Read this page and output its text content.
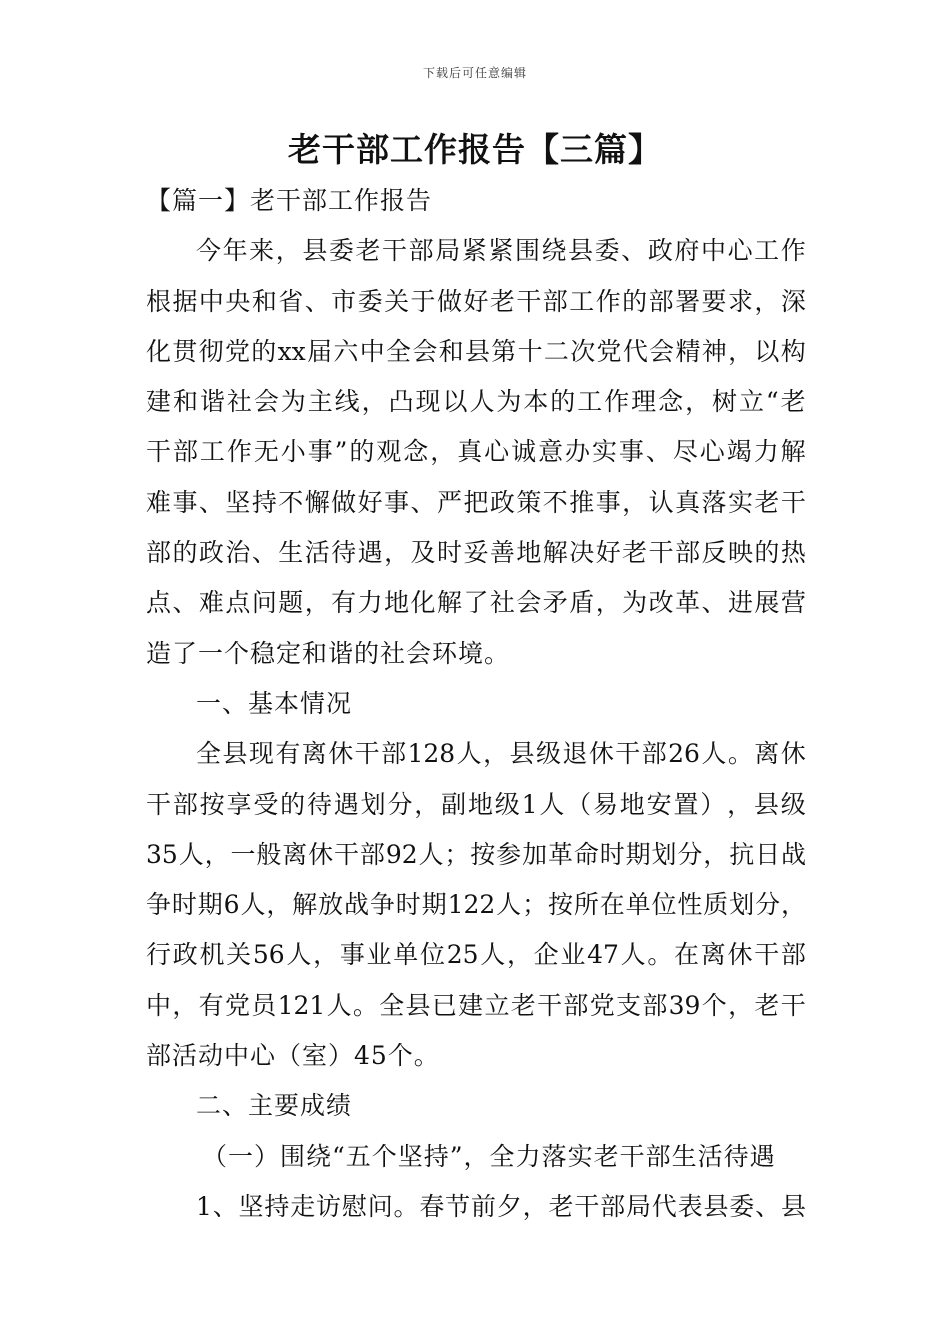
下载后可任意编辑
老干部工作报告【三篇】
【篇一】老干部工作报告
今 年 来 ， 县 委 老 干 部 局 紧 紧 围 绕 县 委 、 政 府 中 心 工 作
根 据 中 央 和 省 、 市 委 关 于 做 好 老 干 部 工 作 的 部 署 要 求 ， 深
化 贯 彻 党 的 xx 届 六 中 全 会 和 县 第 十 二 次 党 代 会 精 神 ， 以 构
建 和 谐 社 会 为 主 线 ， 凸 现 以 人 为 本 的 工 作 理 念 ， 树 立 “ 老
干 部 工 作 无 小 事 ” 的 观 念 ， 真 心 诚 意 办 实 事 、 尽 心 竭 力 解
难 事 、 坚 持 不 懈 做 好 事 、 严 把 政 策 不 推 事 ， 认 真 落 实 老 干
部 的 政 治 、 生 活 待 遇 ， 及 时 妥 善 地 解 决 好 老 干 部 反 映 的 热
点 、 难 点 问 题 ， 有 力 地 化 解 了 社 会 矛 盾 ， 为 改 革 、 进 展 营
造了一个稳定和谐的社会环境。
一、基本情况
全 县 现 有 离 休 干 部 128 人 ， 县 级 退 休 干 部 26 人 。 离 休
干 部 按 享 受 的 待 遇 划 分 ， 副 地 级 1 人 （ 易 地 安 置 ） ， 县 级
35 人 ， 一 般 离 休 干 部 92 人 ； 按 参 加 革 命 时 期 划 分 ， 抗 日 战
争 时 期 6 人 ， 解 放 战 争 时 期 122 人 ； 按 所 在 单 位 性 质 划 分 ，
行 政 机 关 56 人 ， 事 业 单 位 25 人 ， 企 业 47 人 。 在 离 休 干 部
中 ， 有 党 员 121 人 。 全 县 已 建 立 老 干 部 党 支 部 39 个 ， 老 干
部活动中心（室）45个。
二、主要成绩
（一）围绕“五个坚持”，全力落实老干部生活待遇
1 、 坚 持 走 访 慰 问 。 春 节 前 夕 ， 老 干 部 局 代 表 县 委 、 县
